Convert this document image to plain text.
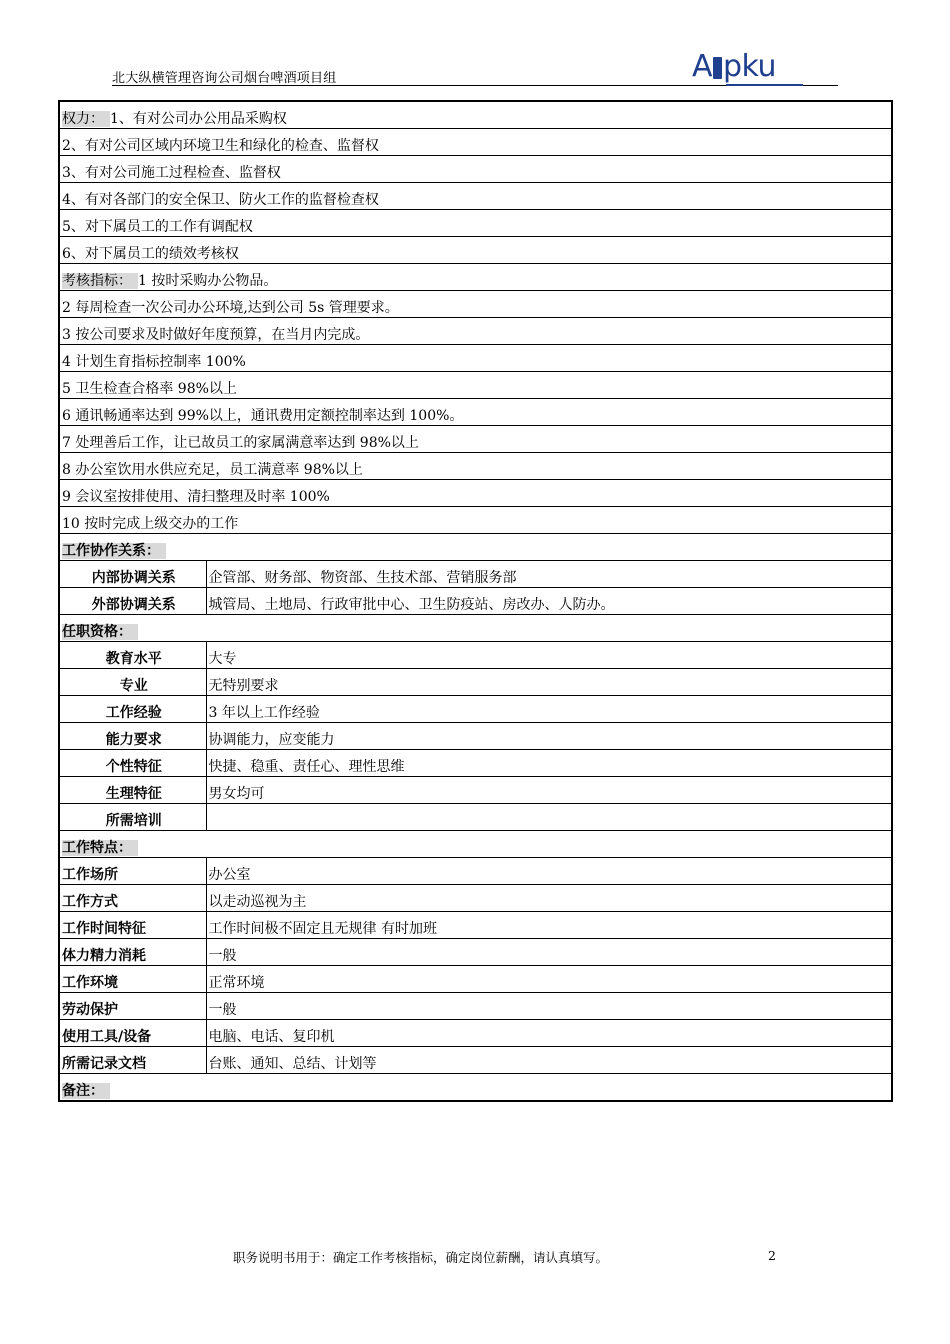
北大纵横管理咨询公司烟台啤酒项目组	A pku
权力： 1、有对公司办公用品采购权	
2、有对公司区域内环境卫生和绿化的检查、监督权	
3、有对公司施工过程检查、监督权	
4、有对各部门的安全保卫、防火工作的监督检查权	
5、对下属员工的工作有调配权	
6、对下属员工的绩效考核权	
考核指标： 1 按时采购办公物品。	
2 每周检查一次公司办公环境,达到公司 5s 管理要求。	
3 按公司要求及时做好年度预算，在当月内完成。	
4 计划生育指标控制率 100%	
5 卫生检查合格率 98%以上	
6 通讯畅通率达到 99%以上，通讯费用定额控制率达到 100%。	
7 处理善后工作，让已故员工的家属满意率达到 98%以上	
8 办公室饮用水供应充足，员工满意率 98%以上	
9 会议室按排使用、清扫整理及时率 100%	
10 按时完成上级交办的工作	
工作协作关系：	
内部协调关系	企管部、财务部、物资部、生技术部、营销服务部
外部协调关系	城管局、土地局、行政审批中心、卫生防疫站、房改办、人防办。
任职资格：	
教育水平	大专
专业	无特别要求
工作经验	3 年以上工作经验
能力要求	协调能力，应变能力
个性特征	快捷、稳重、责任心、理性思维
生理特征	男女均可
所需培训	
工作特点：	
工作场所	办公室
工作方式	以走动巡视为主
工作时间特征	工作时间极不固定且无规律 有时加班
体力精力消耗	一般
工作环境	正常环境
劳动保护	一般
使用工具/设备	电脑、电话、复印机
所需记录文档	台账、通知、总结、计划等
备注：	
职务说明书用于：确定工作考核指标，确定岗位薪酬，请认真填写。	2
